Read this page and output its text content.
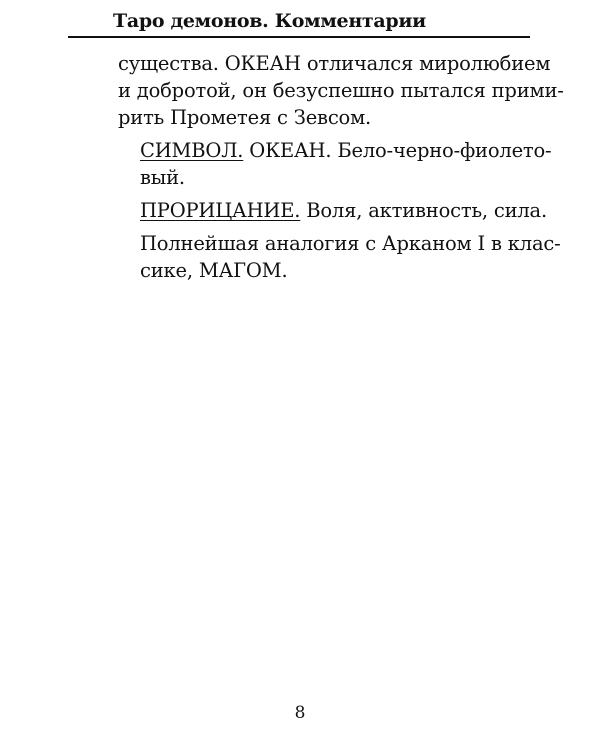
Таро демонов. Комментарии
существа. ОКЕАН отличался миролюбием
и добротой, он безуспешно пытался прими-
рить Прометея с Зевсом.
СИМВОЛ. ОКЕАН. Бело-черно-фиолето-
вый.
ПРОРИЦАНИЕ. Воля, активность, сила.
Полнейшая аналогия с Арканом I в клас-
сике, МАГОМ.
8
